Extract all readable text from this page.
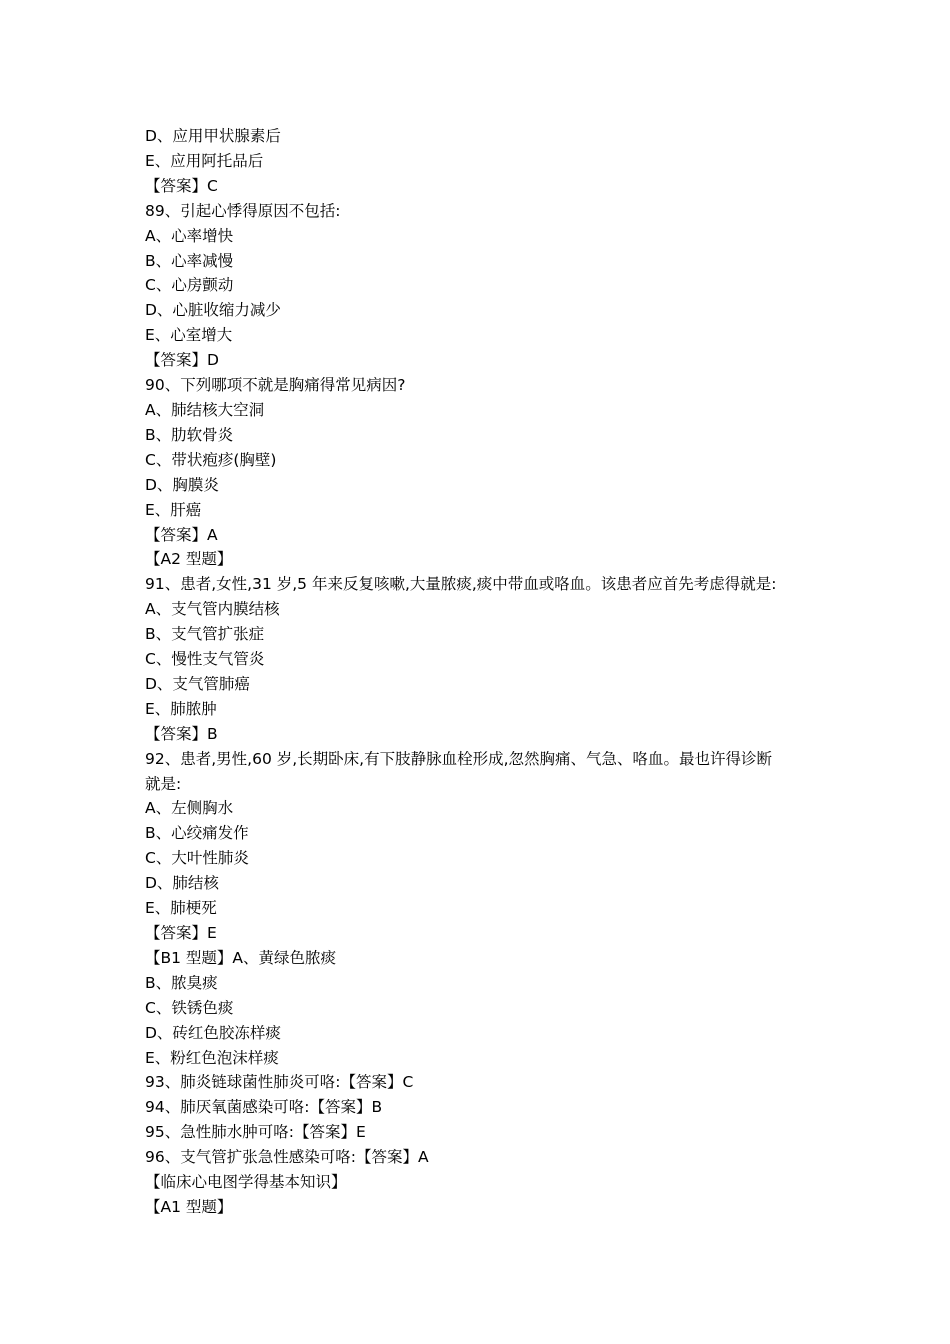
D、应用甲状腺素后

E、应用阿托品后

【答案】C

89、引起心悸得原因不包括:

A、心率增快

B、心率减慢

C、心房颤动

D、心脏收缩力减少

E、心室增大

【答案】D

90、下列哪项不就是胸痛得常见病因?

A、肺结核大空洞

B、肋软骨炎

C、带状疱疹(胸壁)

D、胸膜炎

E、肝癌

【答案】A

【A2 型题】

91、患者,女性,31 岁,5 年来反复咳嗽,大量脓痰,痰中带血或咯血。该患者应首先考虑得就是:

A、支气管内膜结核

B、支气管扩张症

C、慢性支气管炎

D、支气管肺癌

E、肺脓肿

【答案】B

92、患者,男性,60 岁,长期卧床,有下肢静脉血栓形成,忽然胸痛、气急、咯血。最也许得诊断

就是:

A、左侧胸水

B、心绞痛发作

C、大叶性肺炎

D、肺结核

E、肺梗死

【答案】E

【B1 型题】A、黄绿色脓痰

B、脓臭痰

C、铁锈色痰

D、砖红色胶冻样痰

E、粉红色泡沫样痰

93、肺炎链球菌性肺炎可咯:【答案】C

94、肺厌氧菌感染可咯:【答案】B

95、急性肺水肿可咯:【答案】E

96、支气管扩张急性感染可咯:【答案】A

【临床心电图学得基本知识】

【A1 型题】
